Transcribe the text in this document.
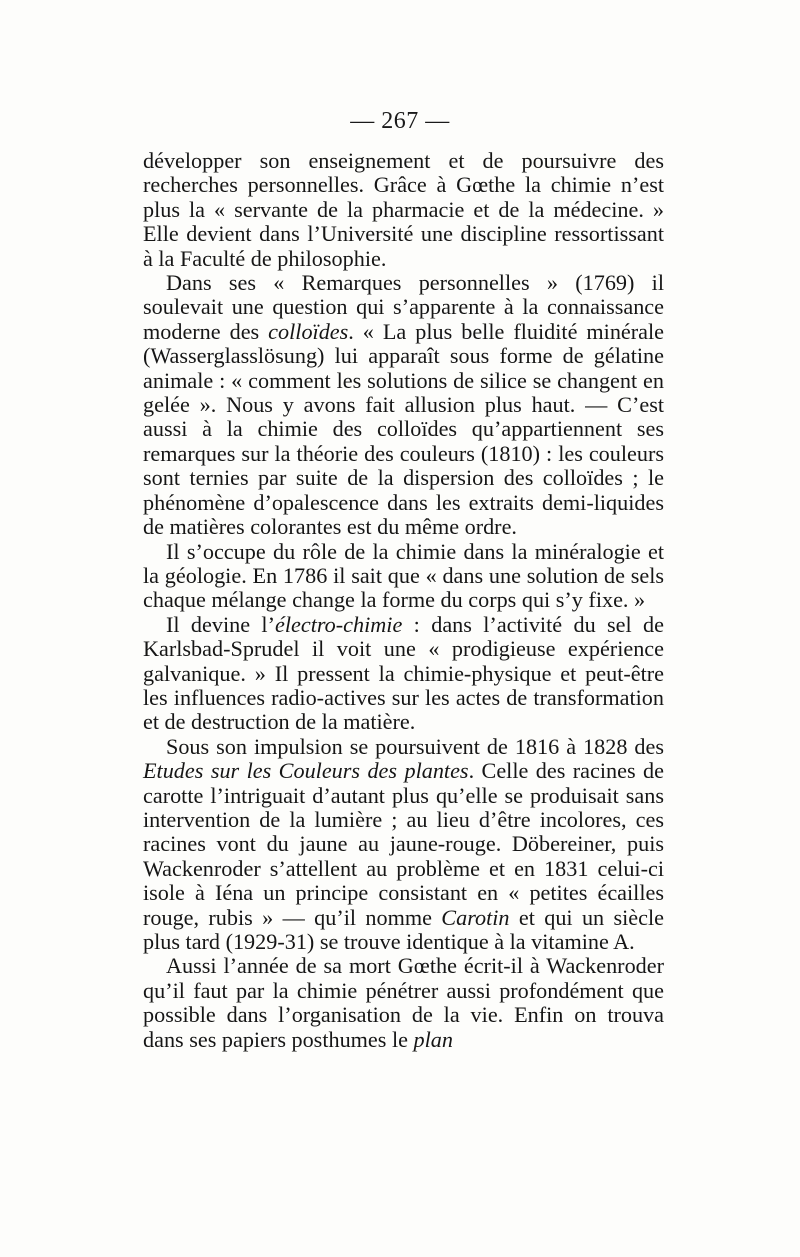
— 267 —

développer son enseignement et de poursuivre des recherches personnelles. Grâce à Gœthe la chimie n’est plus la « servante de la pharmacie et de la médecine. » Elle devient dans l’Université une discipline ressortissant à la Faculté de philosophie.

Dans ses « Remarques personnelles » (1769) il soulevait une question qui s’apparente à la connaissance moderne des colloïdes. « La plus belle fluidité minérale (Wasserglasslösung) lui apparaît sous forme de gélatine animale : « comment les solutions de silice se changent en gelée ». Nous y avons fait allusion plus haut. — C’est aussi à la chimie des colloïdes qu’appartiennent ses remarques sur la théorie des couleurs (1810) : les couleurs sont ternies par suite de la dispersion des colloïdes ; le phénomène d’opalescence dans les extraits demi-liquides de matières colorantes est du même ordre.

Il s’occupe du rôle de la chimie dans la minéralogie et la géologie. En 1786 il sait que « dans une solution de sels chaque mélange change la forme du corps qui s’y fixe. »

Il devine l’électro-chimie : dans l’activité du sel de Karlsbad-Sprudel il voit une « prodigieuse expérience galvanique. » Il pressent la chimie-physique et peut-être les influences radio-actives sur les actes de transformation et de destruction de la matière.

Sous son impulsion se poursuivent de 1816 à 1828 des Etudes sur les Couleurs des plantes. Celle des racines de carotte l’intriguait d’autant plus qu’elle se produisait sans intervention de la lumière ; au lieu d’être incolores, ces racines vont du jaune au jaune-rouge. Döbereiner, puis Wackenroder s’attellent au problème et en 1831 celui-ci isole à Iéna un principe consistant en « petites écailles rouge, rubis » — qu’il nomme Carotin et qui un siècle plus tard (1929-31) se trouve identique à la vitamine A.

Aussi l’année de sa mort Gœthe écrit-il à Wackenroder qu’il faut par la chimie pénétrer aussi profondément que possible dans l’organisation de la vie. Enfin on trouva dans ses papiers posthumes le plan
